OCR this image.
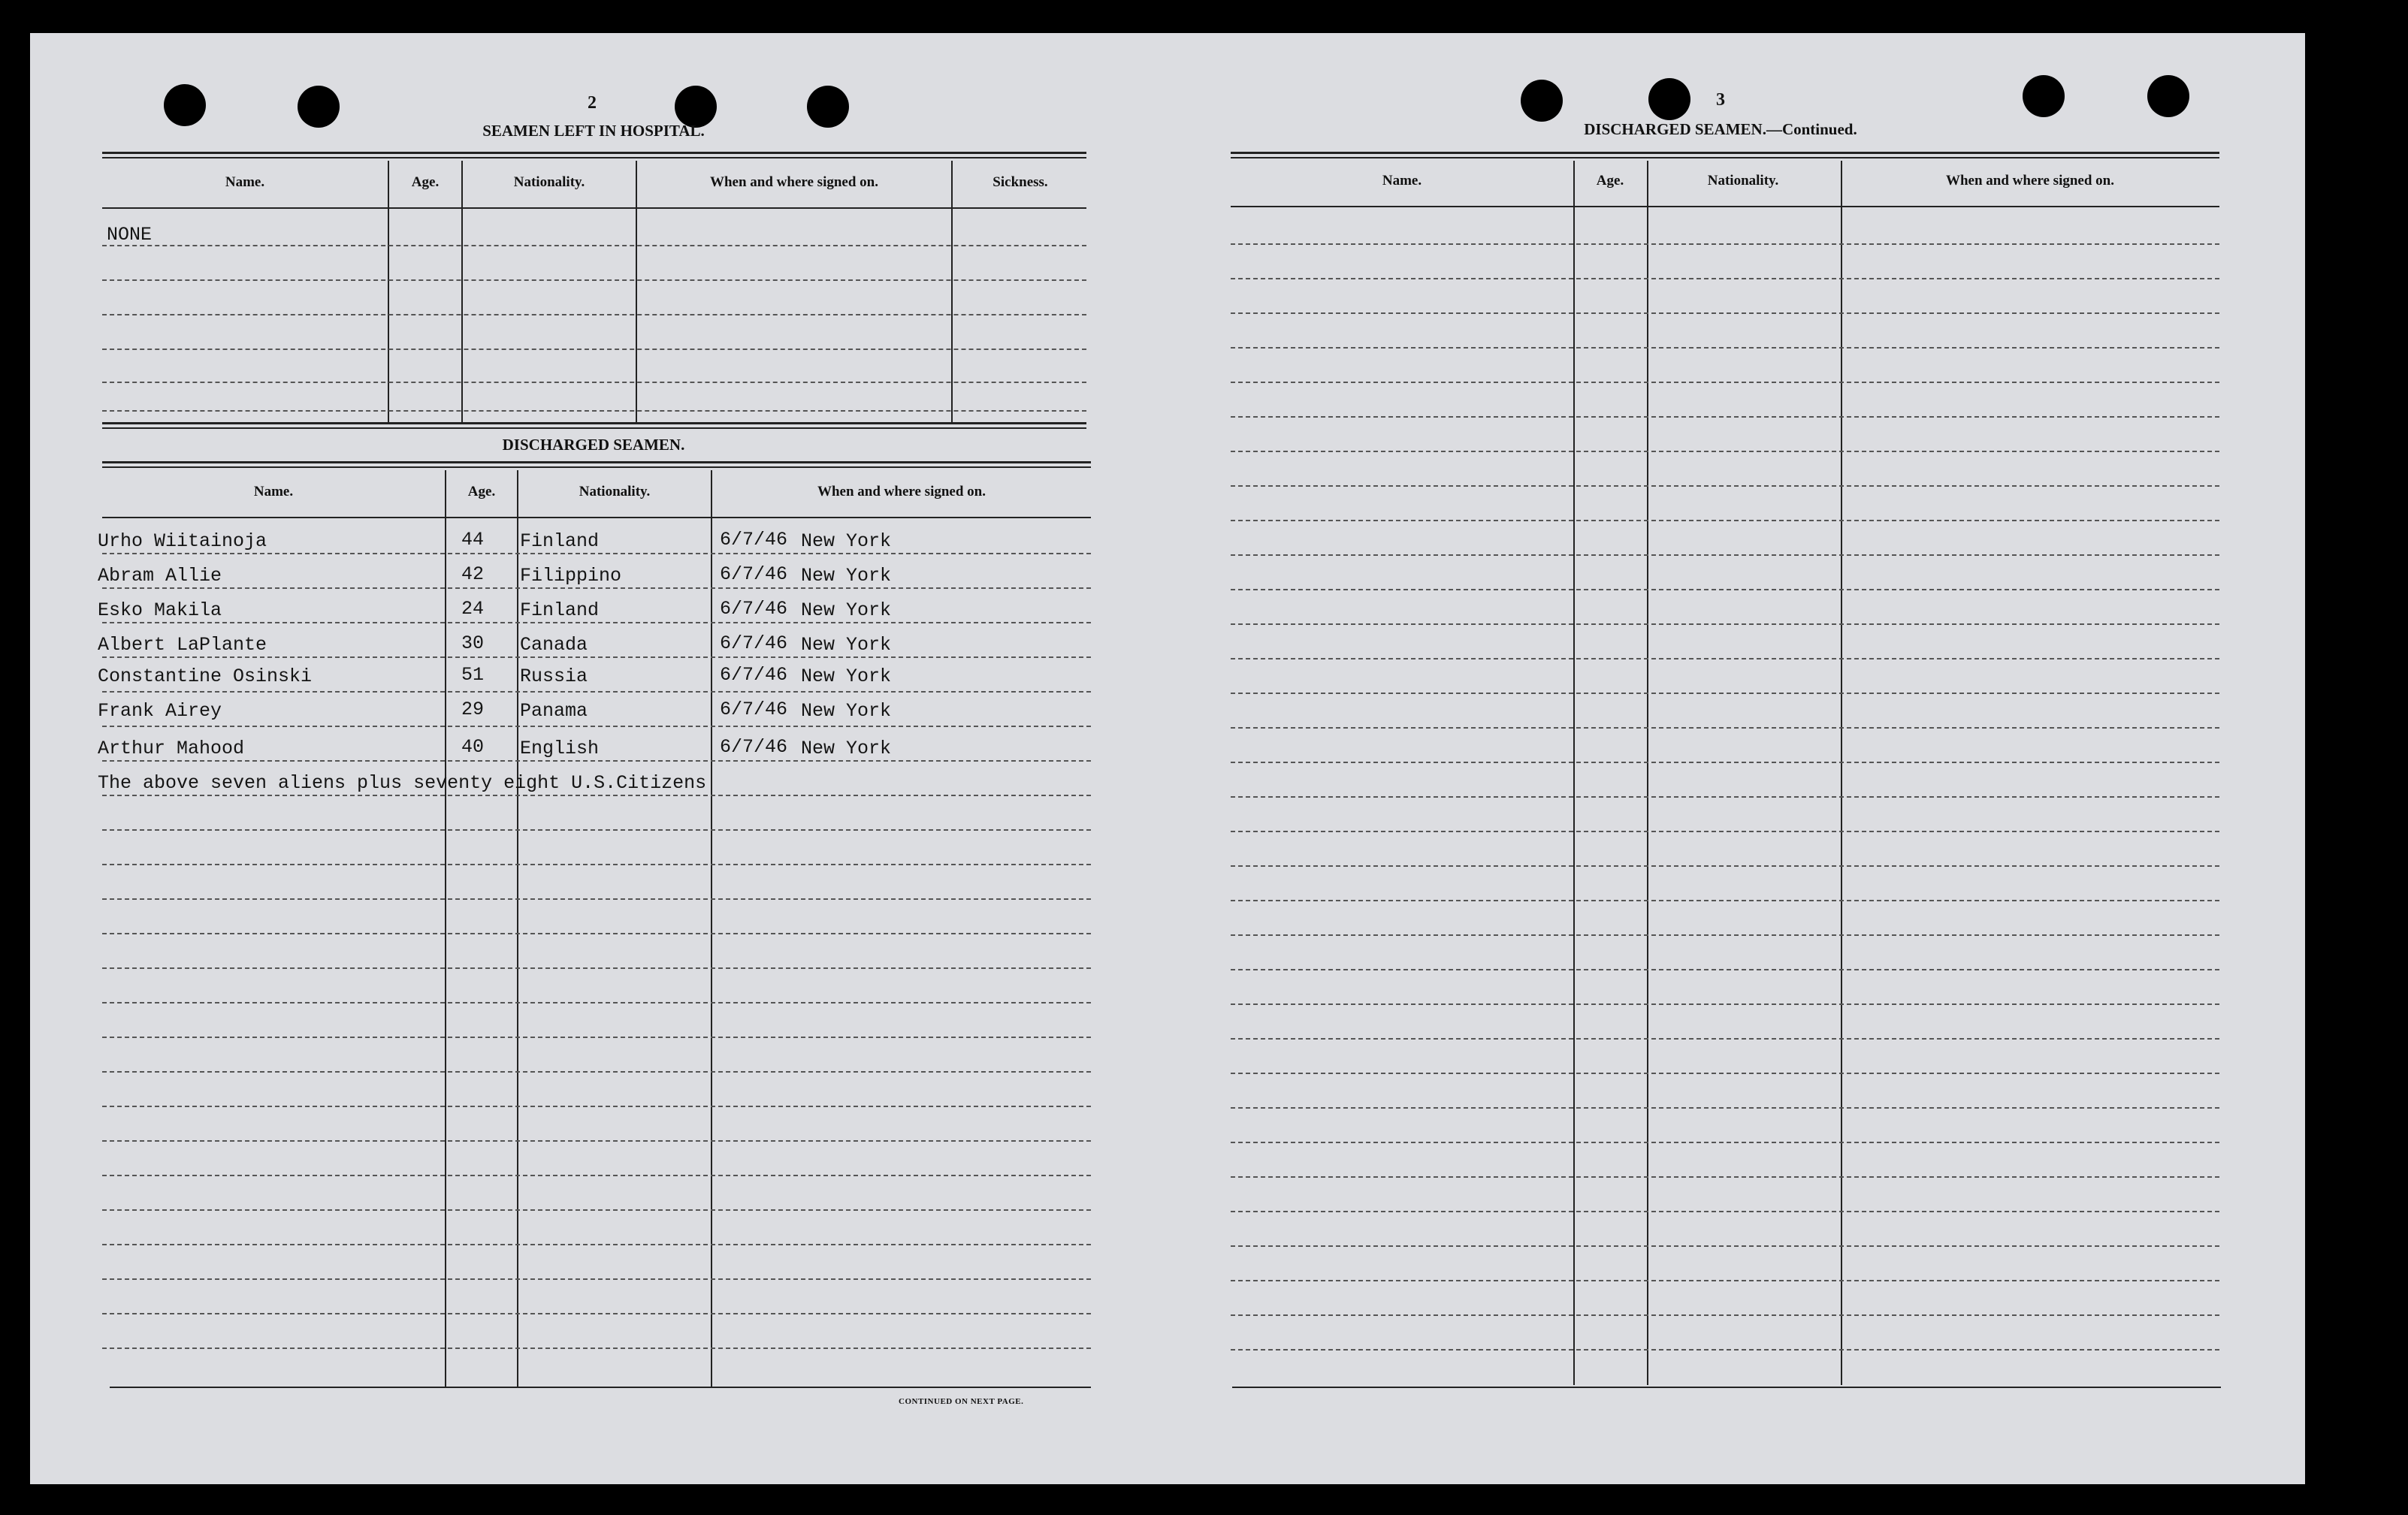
2
SEAMEN LEFT IN HOSPITAL.
Name.	Age.	Nationality.	When and where signed on.	Sickness.
NONE
DISCHARGED SEAMEN.
Name.	Age.	Nationality.	When and where signed on.
Urho Wiitainoja	44 Finland	6/7/46 New York
Abram Allie	42 Filippino	6/7/46 New York
Esko Makila	24 Finland	6/7/46 New York
Albert LaPlante	30 Canada	6/7/46 New York
Constantine Osinski	51 Russia	6/7/46 New York
Frank Airey	29 Panama	6/7/46 New York
Arthur Mahood	40 English	6/7/46 New York
The above seven aliens plus seventy eight U.S.Citizens
CONTINUED ON NEXT PAGE.
3
DISCHARGED SEAMEN.—Continued.
Name.	Age.	Nationality.	When and where signed on.
